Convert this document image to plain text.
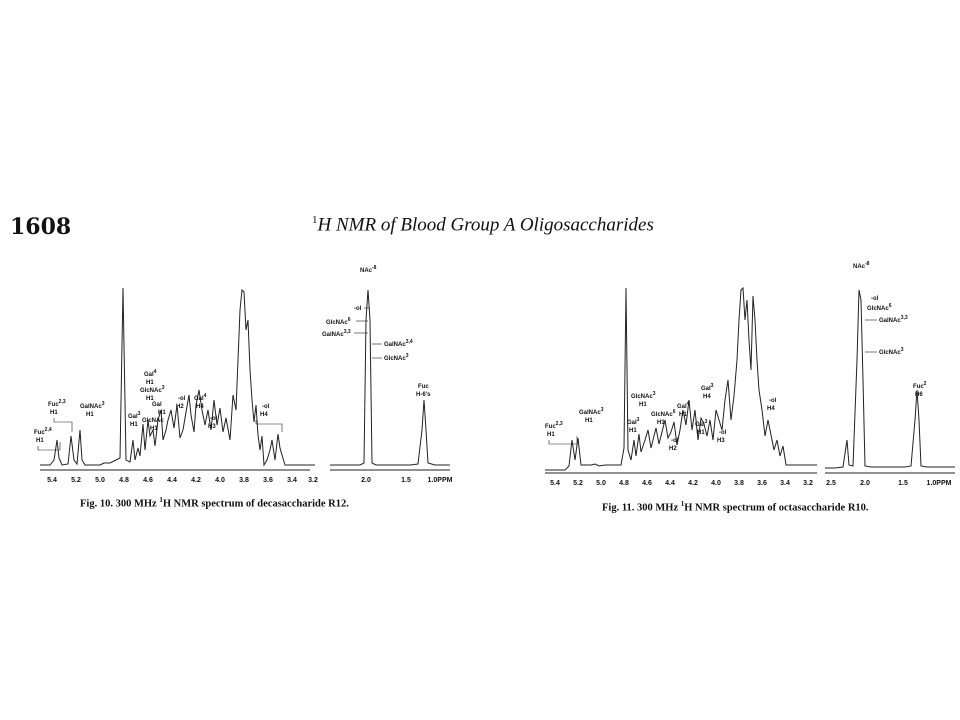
1608	$^1$H NMR of Blood Group A Oligosaccharides
5.4 5.2 5.0 4.8 4.6 4.4 4.2 4.0 3.8 3.6 3.4 3.2
Fuc$^{2,4}$
H1
Fuc$^{2,3}$
H1
GalNAc$^3$
H1
Gal$^4$
H1
GlcNAc$^3$
H1
Gal$^3$
H1
Gal
H1
GlcNAc
H1
-ol
H2
Gal$^4$
H4
-ol
H3
-ol
H4
2.0	1.5 1.0PPM
NAc$^{-8}$
-ol
GlcNAc$^6$
GalNAc$^{3,3}$
GalNAc$^{3,4}$
GlcNAc$^3$
Fuc
H-6's
Fig. 10. 300 MHz $^1$H NMR spectrum of decasaccharide R12.
5.4 5.2 5.0 4.8 4.6 4.4 4.2 4.0 3.8 3.6 3.4 3.2
Fuc$^{2,3}$
H1
GalNAc$^3$
H1	Gal$^3$
H1
GlcNAc$^3$
H1
GlcNAc$^6$
H1
Gal$^4$
H1
-ol
H2
Gal$^3$
H1
Gal$^3$
H4
-ol
H3
-ol
H4
2.5	2.0	1.5	1.0PPM
NAc$^{-8}$
-ol
GlcNAc$^6$
GalNAc$^{3,3}$
GlcNAc$^3$
Fuc$^2$
H6
Fig. 11. 300 MHz $^1$H NMR spectrum of octasaccharide R10.
